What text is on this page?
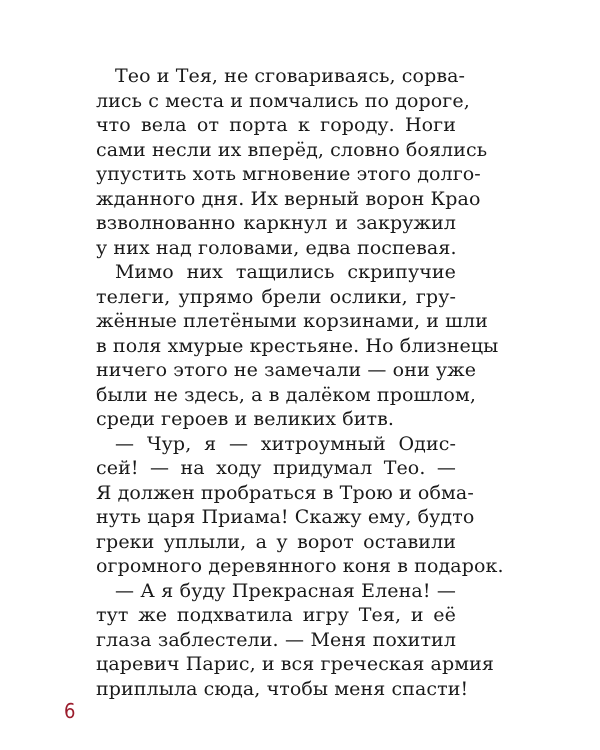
Тео и Тея, не сговариваясь, сорва-
лись с места и помчались по дороге,
что вела от порта к городу. Ноги
сами несли их вперёд, словно боялись
упустить хоть мгновение этого долго-
жданного дня. Их верный ворон Крао
взволнованно каркнул и закружил
у них над головами, едва поспевая.
Мимо них тащились скрипучие
телеги, упрямо брели ослики, гру-
жённые плетёными корзинами, и шли
в поля хмурые крестьяне. Но близнецы
ничего этого не замечали — они уже
были не здесь, а в далёком прошлом,
среди героев и великих битв.
— Чур, я — хитроумный Одис-
сей! — на ходу придумал Тео. —
Я должен пробраться в Трою и обма-
нуть царя Приама! Скажу ему, будто
греки уплыли, а у ворот оставили
огромного деревянного коня в подарок.
— А я буду Прекрасная Елена! —
тут же подхватила игру Тея, и её
глаза заблестели. — Меня похитил
царевич Парис, и вся греческая армия
приплыла сюда, чтобы меня спасти!
6
